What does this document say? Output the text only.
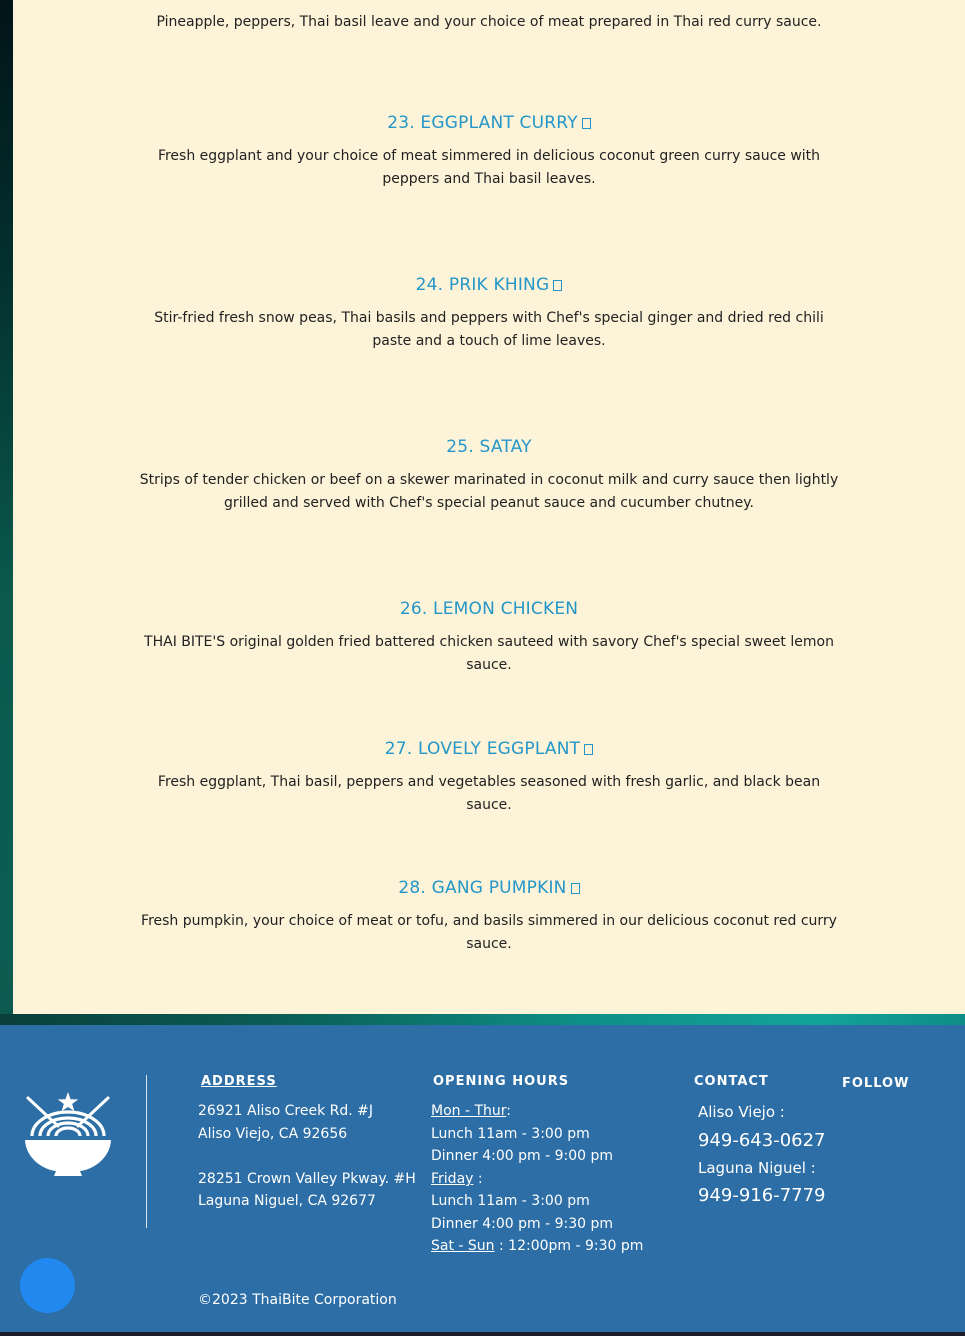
Pineapple, peppers, Thai basil leave and your choice of meat prepared in Thai red curry sauce.

23. EGGPLANT CURRY

Fresh eggplant and your choice of meat simmered in delicious coconut green curry sauce with peppers and Thai basil leaves.

24. PRIK KHING

Stir-fried fresh snow peas, Thai basils and peppers with Chef's special ginger and dried red chili paste and a touch of lime leaves.

25. SATAY

Strips of tender chicken or beef on a skewer marinated in coconut milk and curry sauce then lightly grilled and served with Chef's special peanut sauce and cucumber chutney.

26. LEMON CHICKEN

THAI BITE'S original golden fried battered chicken sauteed with savory Chef's special sweet lemon sauce.

27. LOVELY EGGPLANT

Fresh eggplant, Thai basil, peppers and vegetables seasoned with fresh garlic, and black bean sauce.

28. GANG PUMPKIN

Fresh pumpkin, your choice of meat or tofu, and basils simmered in our delicious coconut red curry sauce.

ADDRESS
26921 Aliso Creek Rd. #J
Aliso Viejo, CA 92656
28251 Crown Valley Pkway. #H
Laguna Niguel, CA 92677
OPENING HOURS
Mon - Thur:
Lunch 11am - 3:00 pm
Dinner 4:00 pm - 9:00 pm
Friday :
Lunch 11am - 3:00 pm
Dinner 4:00 pm - 9:30 pm
Sat - Sun : 12:00pm - 9:30 pm
CONTACT
Aliso Viejo :
949-643-0627
Laguna Niguel :
949-916-7779
FOLLOW
©2023 ThaiBite Corporation
